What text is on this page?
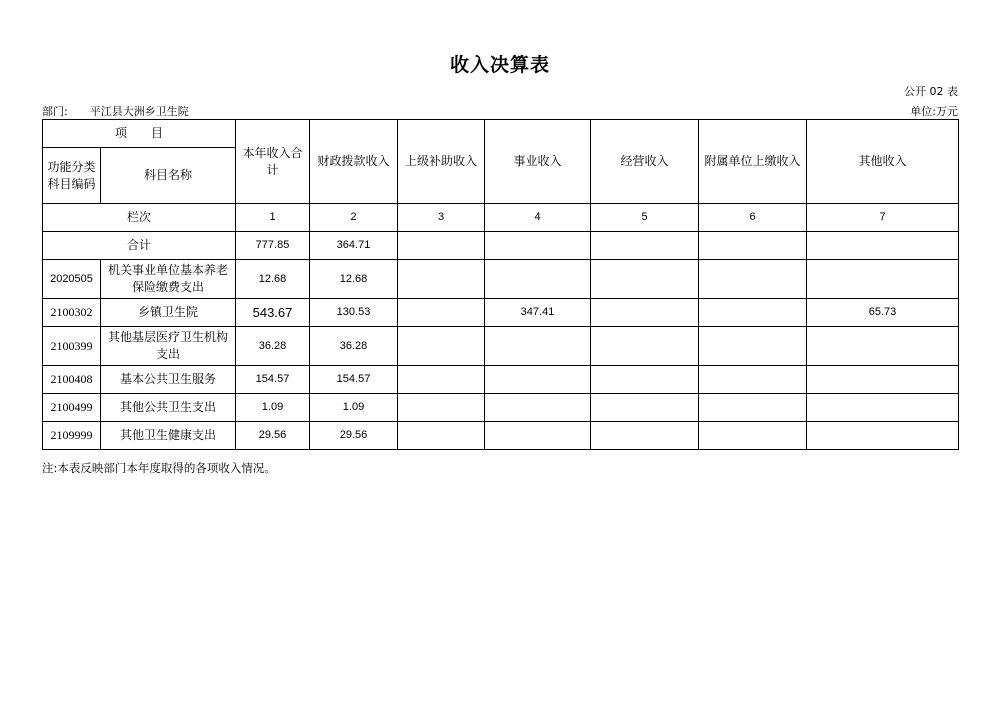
收入决算表
公开 02 表
部门: 平江县大洲乡卫生院	单位:万元
项　　目		本年收入合计	财政拨款收入	上级补助收入	事业收入	经营收入	附属单位上缴收入	其他收入
功能分类科目编码	科目名称							
栏次		1	2	3	4	5	6	7
合计		777.85	364.71					
2020505	机关事业单位基本养老保险缴费支出	12.68	12.68					
2100302	乡镇卫生院	543.67	130.53		347.41			65.73
2100399	其他基层医疗卫生机构支出	36.28	36.28					
2100408	基本公共卫生服务	154.57	154.57					
2100499	其他公共卫生支出	1.09	1.09					
2109999	其他卫生健康支出	29.56	29.56					
注:本表反映部门本年度取得的各项收入情况。
